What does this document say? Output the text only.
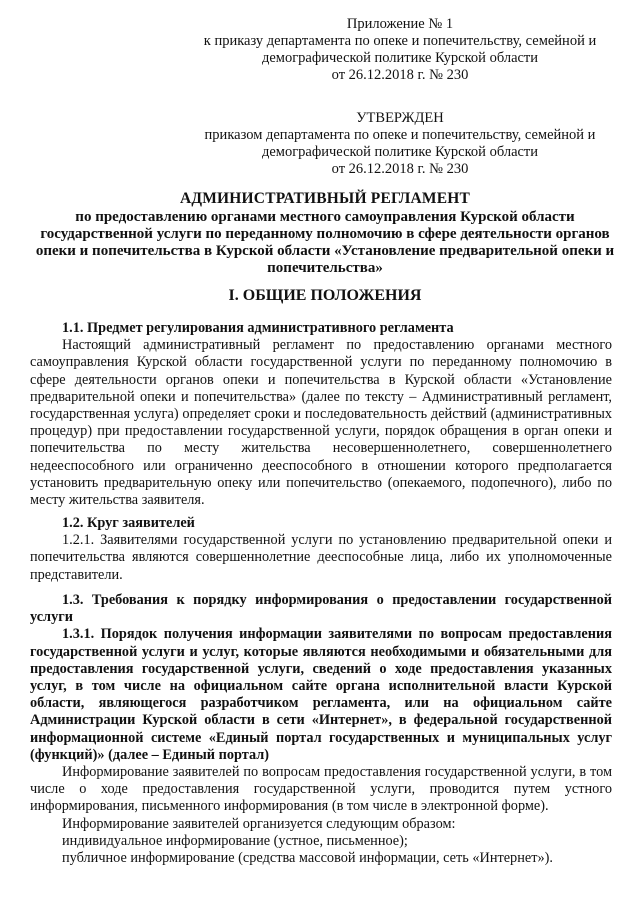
Приложение № 1
к приказу департамента по опеке и попечительству, семейной и
демографической политике Курской области
от 26.12.2018 г. № 230
УТВЕРЖДЕН
приказом департамента по опеке и попечительству, семейной и
демографической политике Курской области
от 26.12.2018 г. № 230
АДМИНИСТРАТИВНЫЙ РЕГЛАМЕНТ
по предоставлению органами местного самоуправления Курской области государственной услуги по переданному полномочию в сфере деятельности органов опеки и попечительства в Курской области «Установление предварительной опеки и попечительства»
I. ОБЩИЕ ПОЛОЖЕНИЯ

1.1. Предмет регулирования административного регламента

Настоящий административный регламент по предоставлению органами местного самоуправления Курской области государственной услуги по переданному полномочию в сфере деятельности органов опеки и попечительства в Курской области «Установление предварительной опеки и попечительства» (далее по тексту – Административный регламент, государственная услуга) определяет сроки и последовательность действий (административных процедур) при предоставлении государственной услуги, порядок обращения в орган опеки и попечительства по месту жительства несовершеннолетнего, совершеннолетнего недееспособного или ограниченно дееспособного в отношении которого предполагается установить предварительную опеку или попечительство (опекаемого, подопечного), либо по месту жительства заявителя.

1.2. Круг заявителей

1.2.1. Заявителями государственной услуги по установлению предварительной опеки и попечительства являются совершеннолетние дееспособные лица, либо их уполномоченные представители.

1.3. Требования к порядку информирования о предоставлении государственной услуги

1.3.1. Порядок получения информации заявителями по вопросам предоставления государственной услуги и услуг, которые являются необходимыми и обязательными для предоставления государственной услуги, сведений о ходе предоставления указанных услуг, в том числе на официальном сайте органа исполнительной власти Курской области, являющегося разработчиком регламента, или на официальном сайте Администрации Курской области в сети «Интернет», в федеральной государственной информационной системе «Единый портал государственных и муниципальных услуг (функций)» (далее – Единый портал)

Информирование заявителей по вопросам предоставления государственной услуги, в том числе о ходе предоставления государственной услуги, проводится путем устного информирования, письменного информирования (в том числе в электронной форме).

Информирование заявителей организуется следующим образом:

индивидуальное информирование (устное, письменное);

публичное информирование (средства массовой информации, сеть «Интернет»).
